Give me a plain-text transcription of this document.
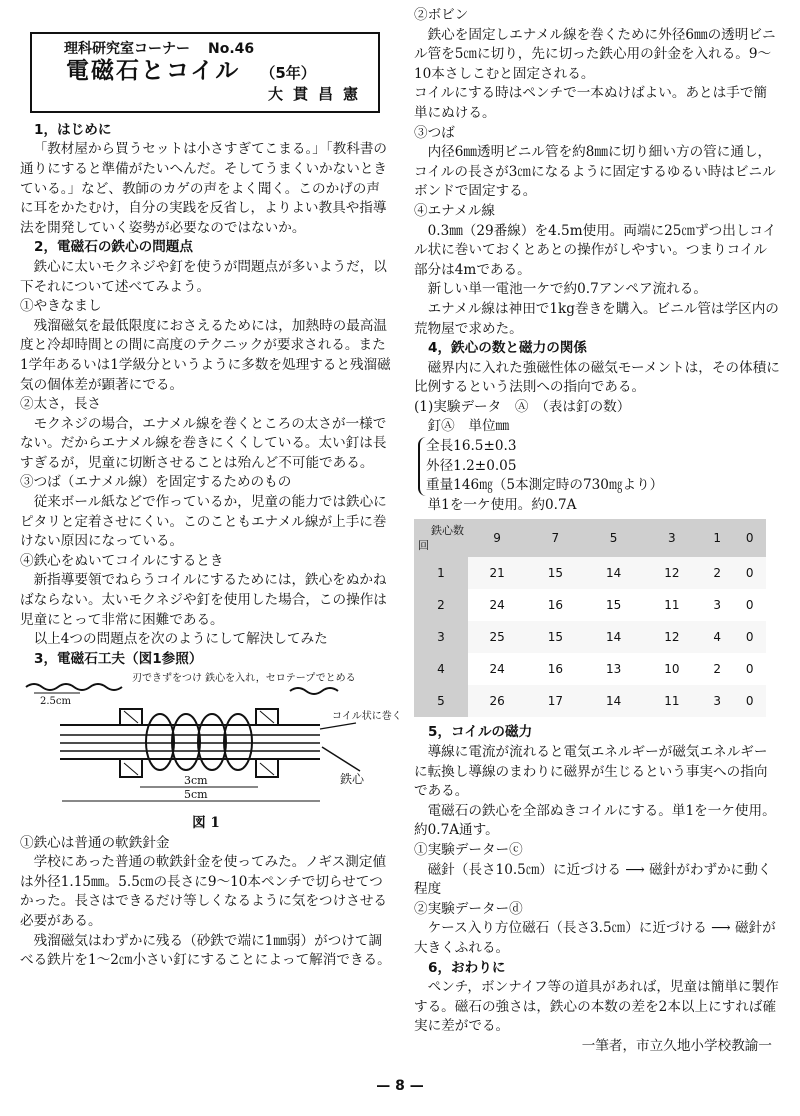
理科研究室コーナー No.46

電磁石とコイル （5年）

大貫昌憲

1，はじめに

「教材屋から買うセットは小さすぎてこまる。」「教科書の通りにすると準備がたいへんだ。そしてうまくいかないときている。」など、教師のカゲの声をよく聞く。このかげの声に耳をかたむけ，自分の実践を反省し，よりよい教具や指導法を開発していく姿勢が必要なのではないか。

2，電磁石の鉄心の問題点

鉄心に太いモクネジや釘を使うが問題点が多いようだ，以下それについて述べてみよう。

①やきなまし

残溜磁気を最低限度におさえるためには，加熱時の最高温度と冷却時間との間に高度のテクニックが要求される。また1学年あるいは1学級分というように多数を処理すると残溜磁気の個体差が顕著にでる。

②太さ，長さ

モクネジの場合，エナメル線を巻くところの太さが一様でない。だからエナメル線を巻きにくくしている。太い釘は長すぎるが，児童に切断させることは殆んど不可能である。

③つば（エナメル線）を固定するためのもの

従来ボール紙などで作っているか，児童の能力では鉄心にピタリと定着させにくい。このこともエナメル線が上手に巻けない原因になっている。

④鉄心をぬいてコイルにするとき

新指導要領でねらうコイルにするためには，鉄心をぬかねばならない。太いモクネジや釘を使用した場合，この操作は児童にとって非常に困難である。

以上4つの問題点を次のようにして解決してみた

3，電磁石工夫（図1参照）

刃できずをつけ 鉄心を入れ，セロテープでとめる
コイル状に巻く
鉄心
3cm
5cm
2.5cm
図 1

①鉄心は普通の軟鉄針金

学校にあった普通の軟鉄針金を使ってみた。ノギス測定値は外径1.15㎜。5.5㎝の長さに9〜10本ペンチで切らせてつかった。長さはできるだけ等しくなるように気をつけさせる必要がある。

残溜磁気はわずかに残る（砂鉄で端に1㎜弱）がつけて調べる鉄片を1〜2㎝小さい釘にすることによって解消できる。

②ボビン

鉄心を固定しエナメル線を巻くために外径6㎜の透明ビニル管を5㎝に切り，先に切った鉄心用の針金を入れる。9〜10本さしこむと固定される。

コイルにする時はペンチで一本ぬけばよい。あとは手で簡単にぬける。

③つば

内径6㎜透明ビニル管を約8㎜に切り細い方の管に通し，コイルの長さが3㎝になるように固定するゆるい時はビニルボンドで固定する。

④エナメル線

0.3㎜（29番線）を4.5m使用。両端に25㎝ずつ出しコイル状に巻いておくとあとの操作がしやすい。つまりコイル部分は4mである。

新しい単一電池一ケで約0.7アンペア流れる。

エナメル線は神田で1kg巻きを購入。ビニル管は学区内の荒物屋で求めた。

4，鉄心の数と磁力の関係

磁界内に入れた強磁性体の磁気モーメントは，その体積に比例するという法則への指向である。

(1)実験データ　Ⓐ　（表は釘の数）

釘Ⓐ　単位㎜

全長16.5±0.3

外径1.2±0.05

重量146㎎（5本測定時の730㎎より）

単1を一ケ使用。約0.7A

鉄心数
回	9	7	5	3	1	0
1	21	15	14	12	2	0
2	24	16	15	11	3	0
3	25	15	14	12	4	0
4	24	16	13	10	2	0
5	26	17	14	11	3	0

5，コイルの磁力

導線に電流が流れると電気エネルギーが磁気エネルギーに転換し導線のまわりに磁界が生じるという事実への指向である。

電磁石の鉄心を全部ぬきコイルにする。単1を一ケ使用。約0.7A通す。

①実験データーⓒ

磁針（長さ10.5㎝）に近づける ⟶ 磁針がわずかに動く程度

②実験データーⓓ

ケース入り方位磁石（長さ3.5㎝）に近づける ⟶ 磁針が大きくふれる。

6，おわりに

ペンチ，ボンナイフ等の道具があれば，児童は簡単に製作する。磁石の強さは，鉄心の本数の差を2本以上にすれば確実に差がでる。

一筆者，市立久地小学校教諭一

— 8 —
